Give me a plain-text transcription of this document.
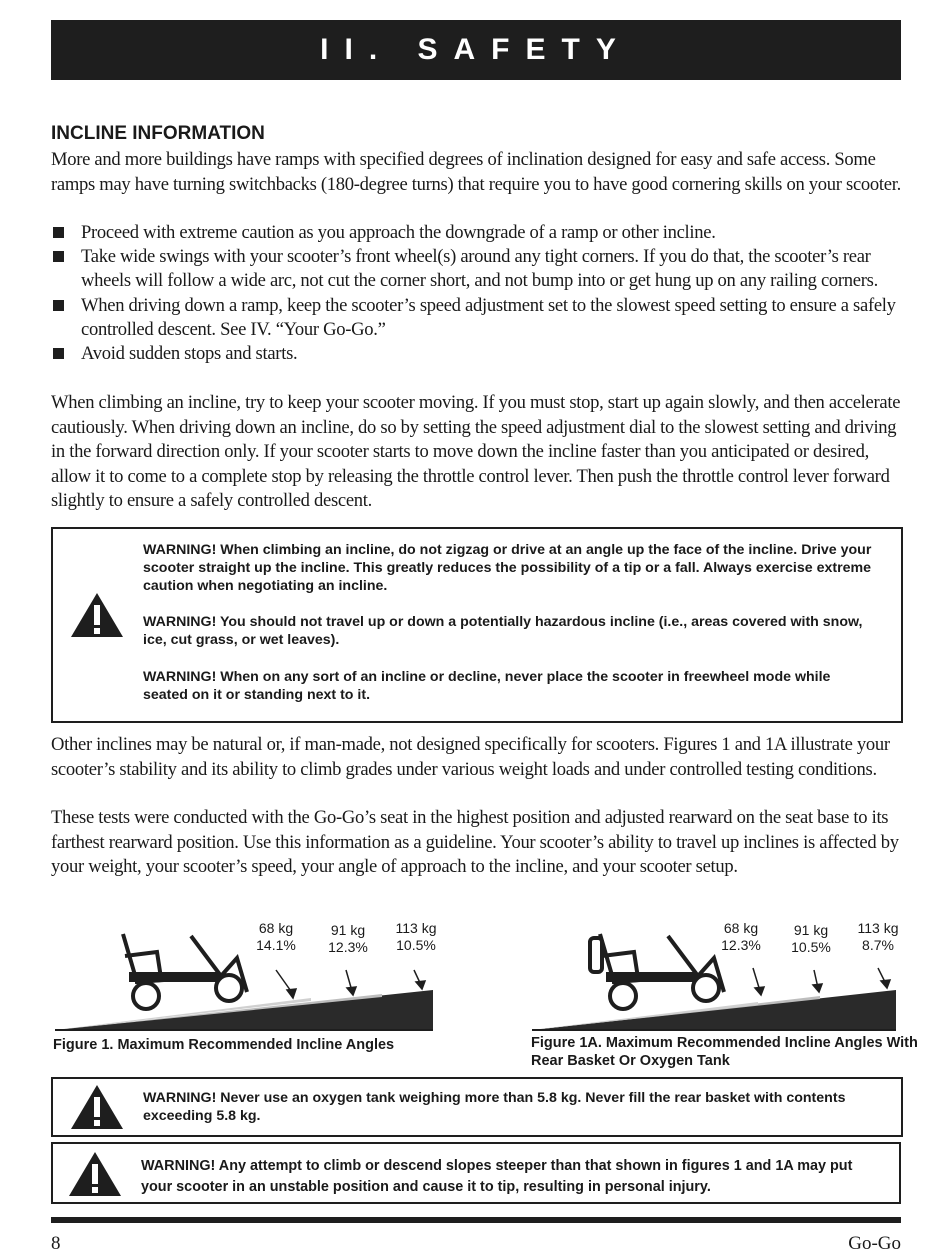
II. SAFETY
INCLINE INFORMATION

More and more buildings have ramps with specified degrees of inclination designed for easy and safe access. Some ramps may have turning switchbacks (180-degree turns) that require you to have good cornering skills on your scooter.

Proceed with extreme caution as you approach the downgrade of a ramp or other incline.
Take wide swings with your scooter’s front wheel(s) around any tight corners. If you do that, the scooter’s rear wheels will follow a wide arc, not cut the corner short, and not bump into or get hung up on any railing corners.
When driving down a ramp, keep the scooter’s speed adjustment set to the slowest speed setting to ensure a safely controlled descent. See IV. “Your Go-Go.”
Avoid sudden stops and starts.

When climbing an incline, try to keep your scooter moving. If you must stop, start up again slowly, and then accelerate cautiously. When driving down an incline, do so by setting the speed adjustment dial to the slowest setting and driving in the forward direction only. If your scooter starts to move down the incline faster than you anticipated or desired, allow it to come to a complete stop by releasing the throttle control lever. Then push the throttle control lever forward slightly to ensure a safely controlled descent.

WARNING! When climbing an incline, do not zigzag or drive at an angle up the face of the incline. Drive your scooter straight up the incline. This greatly reduces the possibility of a tip or a fall. Always exercise extreme caution when negotiating an incline.

WARNING! You should not travel up or down a potentially hazardous incline (i.e., areas covered with snow, ice, cut grass, or wet leaves).

WARNING! When on any sort of an incline or decline, never place the scooter in freewheel mode while seated on it or standing next to it.

Other inclines may be natural or, if man-made, not designed specifically for scooters. Figures 1 and 1A illustrate your scooter’s stability and its ability to climb grades under various weight loads and under controlled testing conditions.

These tests were conducted with the Go-Go’s seat in the highest position and adjusted rearward on the seat base to its farthest rearward position. Use this information as a guideline. Your scooter’s ability to travel up inclines is affected by your weight, your scooter’s speed, your angle of approach to the incline, and your scooter setup.

68 kg
14.1%
91 kg
12.3%
113 kg
10.5%

Figure 1. Maximum Recommended Incline Angles

68 kg
12.3%
91 kg
10.5%
113 kg
8.7%

Figure 1A. Maximum Recommended Incline Angles With Rear Basket Or Oxygen Tank

WARNING! Never use an oxygen tank weighing more than 5.8 kg. Never fill the rear basket with contents exceeding 5.8 kg.

WARNING! Any attempt to climb or descend slopes steeper than that shown in figures 1 and 1A may put your scooter in an unstable position and cause it to tip, resulting in personal injury.

8	Go-Go
